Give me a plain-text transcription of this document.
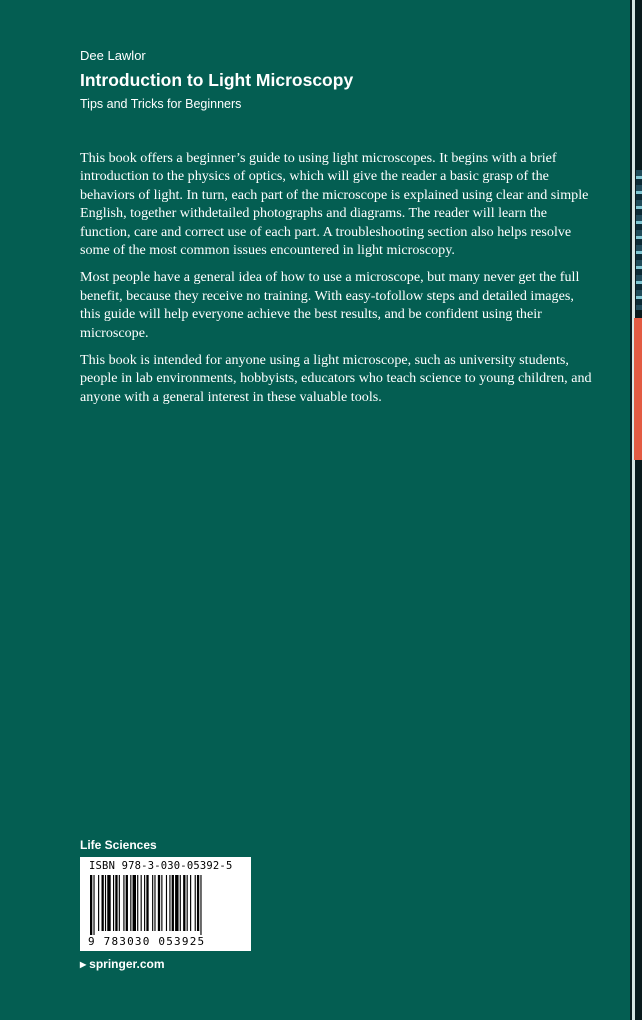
Dee Lawlor
Introduction to Light Microscopy
Tips and Tricks for Beginners

This book offers a beginner’s guide to using light microscopes. It begins with a brief introduction to the physics of optics, which will give the reader a basic grasp of the behaviors of light. In turn, each part of the microscope is explained using clear and simple English, together withdetailed photographs and diagrams. The reader will learn the function, care and correct use of each part. A troubleshooting section also helps resolve some of the most common issues encountered in light microscopy.

Most people have a general idea of how to use a microscope, but many never get the full benefit, because they receive no training. With easy-tofollow steps and detailed images, this guide will help everyone achieve the best results, and be confident using their microscope.

This book is intended for anyone using a light microscope, such as university students, people in lab environments, hobbyists, educators who teach science to young children, and anyone with a general interest in these valuable tools.

Life Sciences
ISBN 978-3-030-05392-5
9 783030 053925
▶ springer.com
